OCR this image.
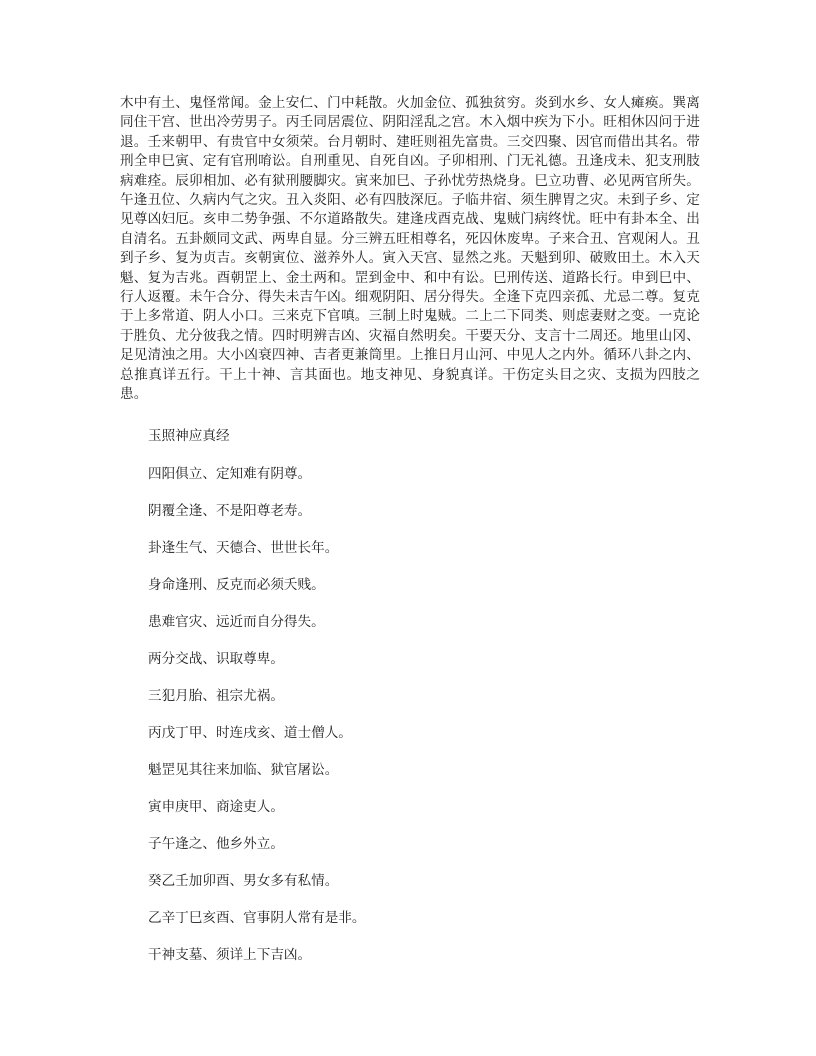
木中有土、鬼怪常闻。金上安仁、门中耗散。火加金位、孤独贫穷。炎到水乡、女人瘫痪。巽离同住干宫、世出冷劳男子。丙壬同居震位、阴阳淫乱之宫。木入烟中疾为下小。旺相休囚问于进退。壬来朝甲、有贵官中女须荣。台月朝时、建旺则祖先富贵。三交四聚、因官而借出其名。带刑全申巳寅、定有官刑唷讼。自刑重见、自死自凶。子卯相刑、门无礼德。丑逢戌未、犯支刑肢病难痊。辰卯相加、必有狱刑腰脚灾。寅来加巳、子孙忧劳热烧身。巳立功曹、必见两官所失。午逢丑位、久病内气之灾。丑入炎阳、必有四肢深厄。子临井宿、须生脾胃之灾。未到子乡、定见尊凶妇厄。亥申二势争强、不尔道路散失。建逢戌酉克战、鬼贼门病终忧。旺中有卦本全、出自清名。五卦颇同文武、两卑自显。分三辨五旺相尊名，死囚休废卑。子来合丑、宫观闲人。丑到子乡、复为贞吉。亥朝寅位、滋养外人。寅入天宫、显然之兆。天魁到卯、破败田土。木入天魁、复为吉兆。酉朝罡上、金土两和。罡到金中、和中有讼。巳刑传送、道路长行。申到巳中、行人返覆。未午合分、得失未吉午凶。细观阴阳、居分得失。全逢下克四亲孤、尤忌二尊。复克于上多常道、阴人小口。三来克下官嗔。三制上时鬼贼。二上二下同类、则虑妻财之变。一克论于胜负、尤分彼我之情。四时明辨吉凶、灾福自然明矣。干要天分、支言十二周还。地里山冈、足见清浊之用。大小凶衰四神、吉者更兼筒里。上推日月山河、中见人之内外。循环八卦之内、总推真详五行。干上十神、言其面也。地支神见、身貌真详。干伤定头目之灾、支损为四肢之患。

玉照神应真经

四阳俱立、定知难有阴尊。
阴覆全逢、不是阳尊老寿。
卦逢生气、天德合、世世长年。
身命逢刑、反克而必须夭贱。
患难官灾、远近而自分得失。
两分交战、识取尊卑。
三犯月胎、祖宗尤祸。
丙戊丁甲、时连戌亥、道士僧人。
魁罡见其往来加临、狱官屠讼。
寅申庚甲、商途吏人。
子午逢之、他乡外立。
癸乙壬加卯酉、男女多有私情。
乙辛丁巳亥酉、官事阴人常有是非。
干神支墓、须详上下吉凶。
